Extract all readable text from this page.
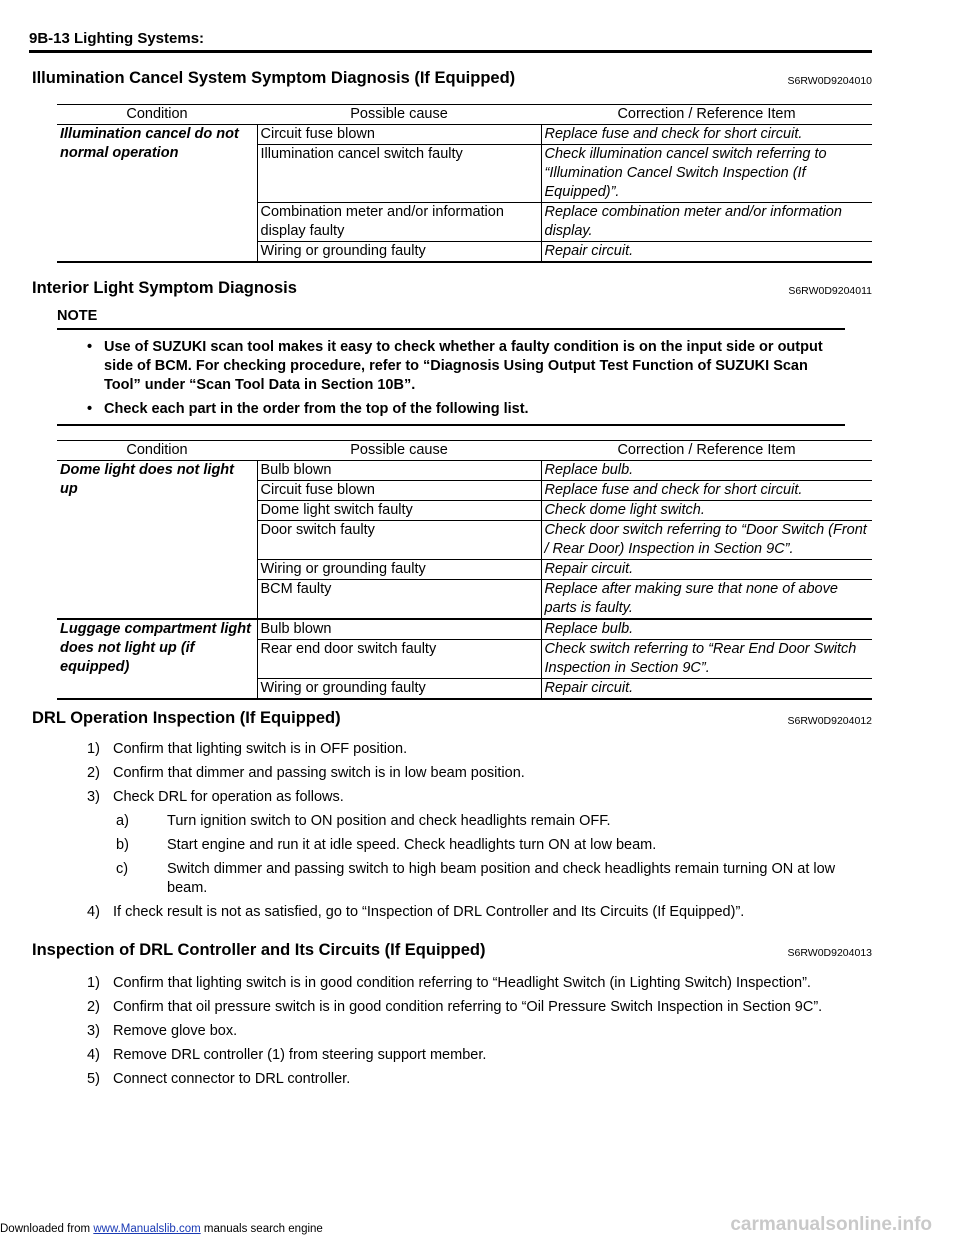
9B-13 Lighting Systems:
Illumination Cancel System Symptom Diagnosis (If Equipped)	S6RW0D9204010
Condition	Possible cause	Correction / Reference Item
Illumination cancel do not normal operation	Circuit fuse blown	Replace fuse and check for short circuit.
	Illumination cancel switch faulty	Check illumination cancel switch referring to “Illumination Cancel Switch Inspection (If Equipped)”.
	Combination meter and/or information display faulty	Replace combination meter and/or information display.
	Wiring or grounding faulty	Repair circuit.
Interior Light Symptom Diagnosis	S6RW0D9204011
NOTE
• Use of SUZUKI scan tool makes it easy to check whether a faulty condition is on the input side or output side of BCM. For checking procedure, refer to “Diagnosis Using Output Test Function of SUZUKI Scan Tool” under “Scan Tool Data in Section 10B”.
• Check each part in the order from the top of the following list.
Condition	Possible cause	Correction / Reference Item
Dome light does not light up	Bulb blown	Replace bulb.
	Circuit fuse blown	Replace fuse and check for short circuit.
	Dome light switch faulty	Check dome light switch.
	Door switch faulty	Check door switch referring to “Door Switch (Front / Rear Door) Inspection in Section 9C”.
	Wiring or grounding faulty	Repair circuit.
	BCM faulty	Replace after making sure that none of above parts is faulty.
Luggage compartment light does not light up (if equipped)	Bulb blown	Replace bulb.
	Rear end door switch faulty	Check switch referring to “Rear End Door Switch Inspection in Section 9C”.
	Wiring or grounding faulty	Repair circuit.
DRL Operation Inspection (If Equipped)	S6RW0D9204012
1) Confirm that lighting switch is in OFF position.
2) Confirm that dimmer and passing switch is in low beam position.
3) Check DRL for operation as follows.
a)	Turn ignition switch to ON position and check headlights remain OFF.
b)	Start engine and run it at idle speed. Check headlights turn ON at low beam.
c)	Switch dimmer and passing switch to high beam position and check headlights remain turning ON at low beam.
4) If check result is not as satisfied, go to “Inspection of DRL Controller and Its Circuits (If Equipped)”.
Inspection of DRL Controller and Its Circuits (If Equipped)	S6RW0D9204013
1) Confirm that lighting switch is in good condition referring to “Headlight Switch (in Lighting Switch) Inspection”.
2) Confirm that oil pressure switch is in good condition referring to “Oil Pressure Switch Inspection in Section 9C”.
3) Remove glove box.
4) Remove DRL controller (1) from steering support member.
5) Connect connector to DRL controller.
Downloaded from www.Manualslib.com manuals search engine	carmanualsonline.info
